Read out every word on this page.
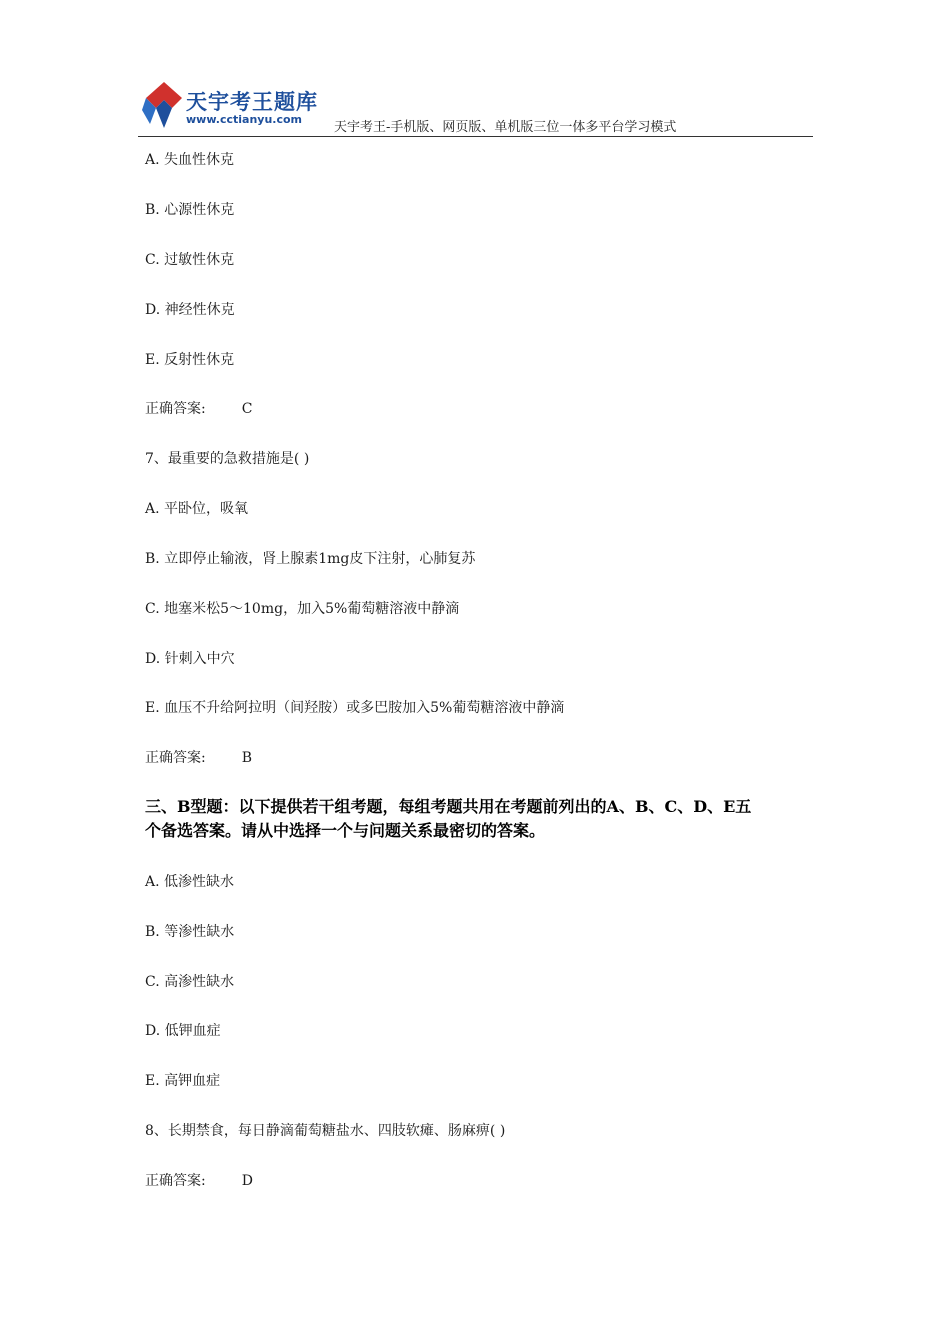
天宇考王题库
www.cctianyu.com
天宇考王-手机版、网页版、单机版三位一体多平台学习模式
A. 失血性休克
B. 心源性休克
C. 过敏性休克
D. 神经性休克
E. 反射性休克
正确答案:	C
7、最重要的急救措施是( )
A. 平卧位，吸氧
B. 立即停止输液，肾上腺素1mg皮下注射，心肺复苏
C. 地塞米松5～10mg，加入5%葡萄糖溶液中静滴
D. 针刺入中穴
E. 血压不升给阿拉明（间羟胺）或多巴胺加入5%葡萄糖溶液中静滴
正确答案:	B
三、B型题：以下提供若干组考题，每组考题共用在考题前列出的A、B、C、D、E五
个备选答案。请从中选择一个与问题关系最密切的答案。
A. 低渗性缺水
B. 等渗性缺水
C. 高渗性缺水
D. 低钾血症
E. 高钾血症
8、长期禁食，每日静滴葡萄糖盐水、四肢软瘫、肠麻痹( )
正确答案:	D
